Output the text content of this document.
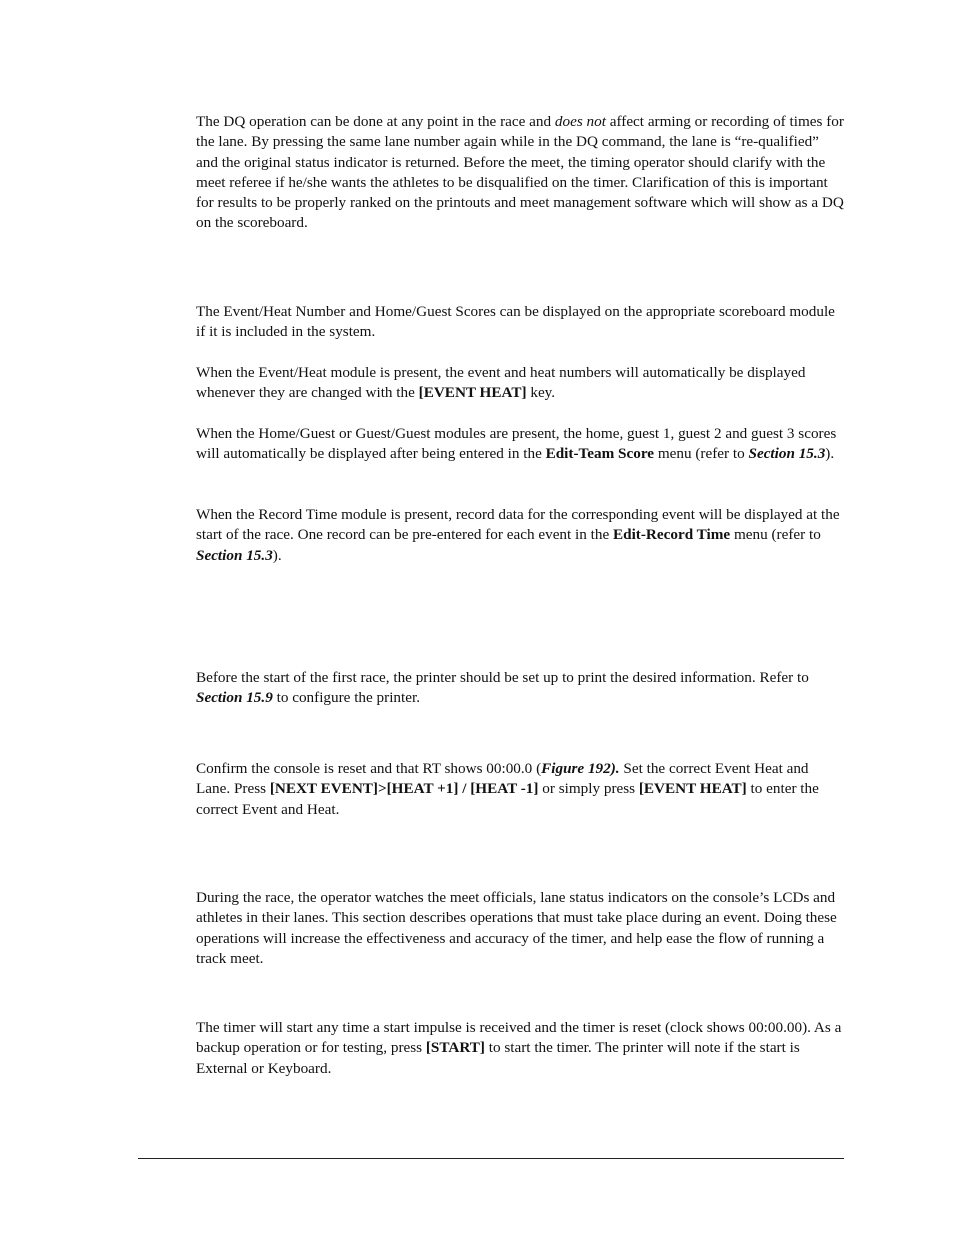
The DQ operation can be done at any point in the race and does not affect arming or recording of times for the lane. By pressing the same lane number again while in the DQ command, the lane is “re-qualified” and the original status indicator is returned. Before the meet, the timing operator should clarify with the meet referee if he/she wants the athletes to be disqualified on the timer. Clarification of this is important for results to be properly ranked on the printouts and meet management software which will show as a DQ on the scoreboard.
The Event/Heat Number and Home/Guest Scores can be displayed on the appropriate scoreboard module if it is included in the system.
When the Event/Heat module is present, the event and heat numbers will automatically be displayed whenever they are changed with the [EVENT HEAT] key.
When the Home/Guest or Guest/Guest modules are present, the home, guest 1, guest 2 and guest 3 scores will automatically be displayed after being entered in the Edit-Team Score menu (refer to Section 15.3).
When the Record Time module is present, record data for the corresponding event will be displayed at the start of the race. One record can be pre-entered for each event in the Edit-Record Time menu (refer to Section 15.3).
Before the start of the first race, the printer should be set up to print the desired information. Refer to Section 15.9 to configure the printer.
Confirm the console is reset and that RT shows 00:00.0 (Figure 192). Set the correct Event Heat and Lane. Press [NEXT EVENT]>[HEAT +1] / [HEAT -1] or simply press [EVENT HEAT] to enter the correct Event and Heat.
During the race, the operator watches the meet officials, lane status indicators on the console’s LCDs and athletes in their lanes. This section describes operations that must take place during an event. Doing these operations will increase the effectiveness and accuracy of the timer, and help ease the flow of running a track meet.
The timer will start any time a start impulse is received and the timer is reset (clock shows 00:00.00). As a backup operation or for testing, press [START] to start the timer. The printer will note if the start is External or Keyboard.
